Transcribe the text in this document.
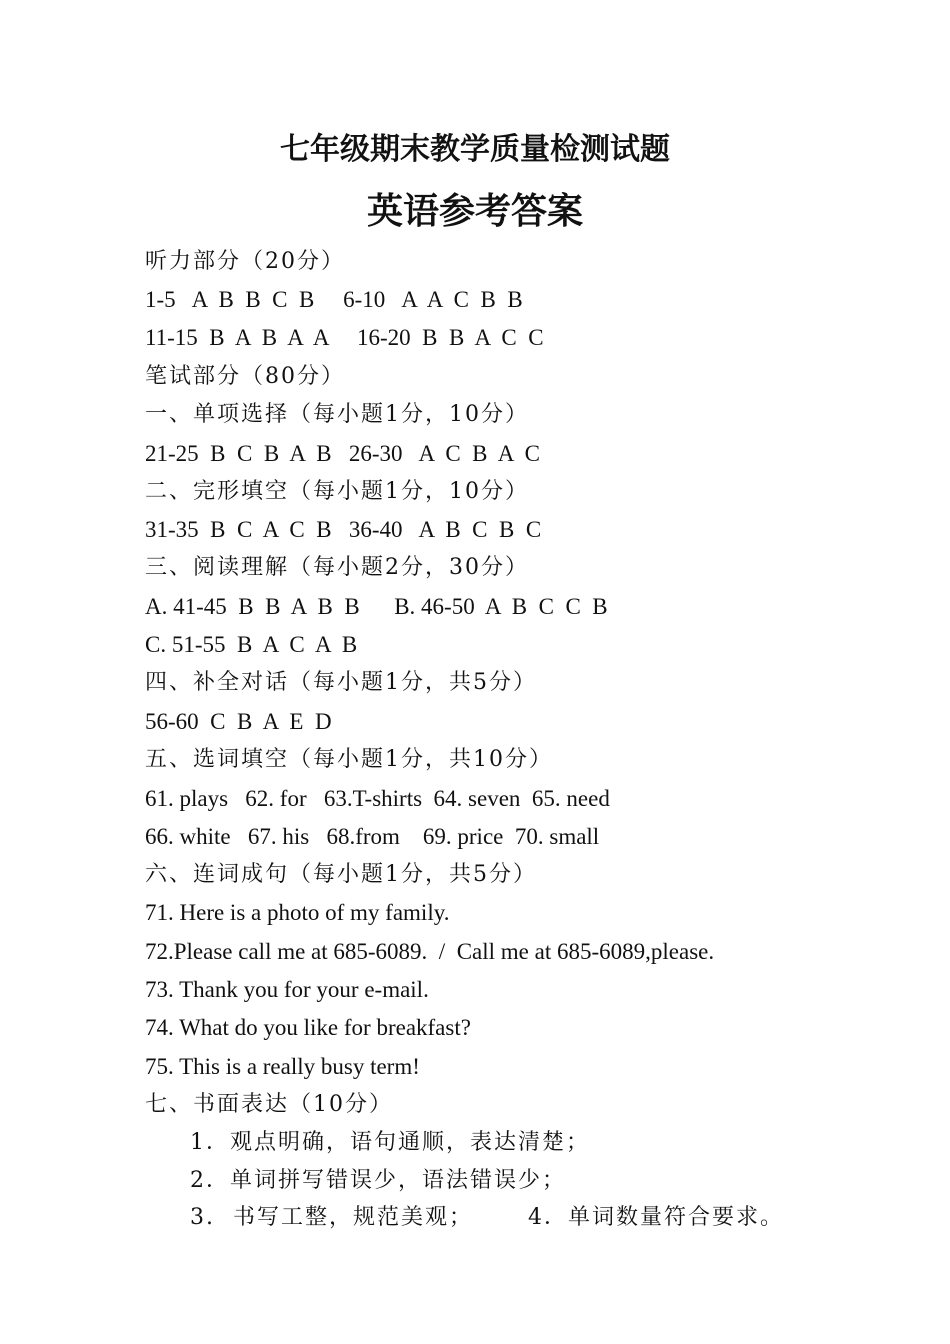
七年级期末教学质量检测试题
英语参考答案
听力部分（20分）
1-5   A  B  B  C  B     6-10   A  A  C  B  B
11-15  B  A  B  A  A     16-20  B  B  A  C  C
笔试部分（80分）
一、单项选择（每小题1分，10分）
21-25  B  C  B  A  B   26-30   A  C  B  A  C
二、完形填空（每小题1分，10分）
31-35  B  C  A  C  B   36-40   A  B  C  B  C
三、阅读理解（每小题2分，30分）
A. 41-45  B  B  A  B  B      B. 46-50  A  B  C  C  B
C. 51-55  B  A  C  A  B
四、补全对话（每小题1分，共5分）
56-60  C  B  A  E  D
五、选词填空（每小题1分，共10分）
61. plays   62. for   63.T-shirts  64. seven  65. need
66. white   67. his   68.from    69. price  70. small
六、连词成句（每小题1分，共5分）
71. Here is a photo of my family.
72.Please call me at 685-6089.  /  Call me at 685-6089,please.
73. Thank you for your e-mail.
74. What do you like for breakfast?
75. This is a really busy term!
七、书面表达（10分）
1．观点明确，语句通顺，表达清楚；
2．单词拼写错误少，语法错误少；
3.  书写工整，规范美观；	4．单词数量符合要求。
